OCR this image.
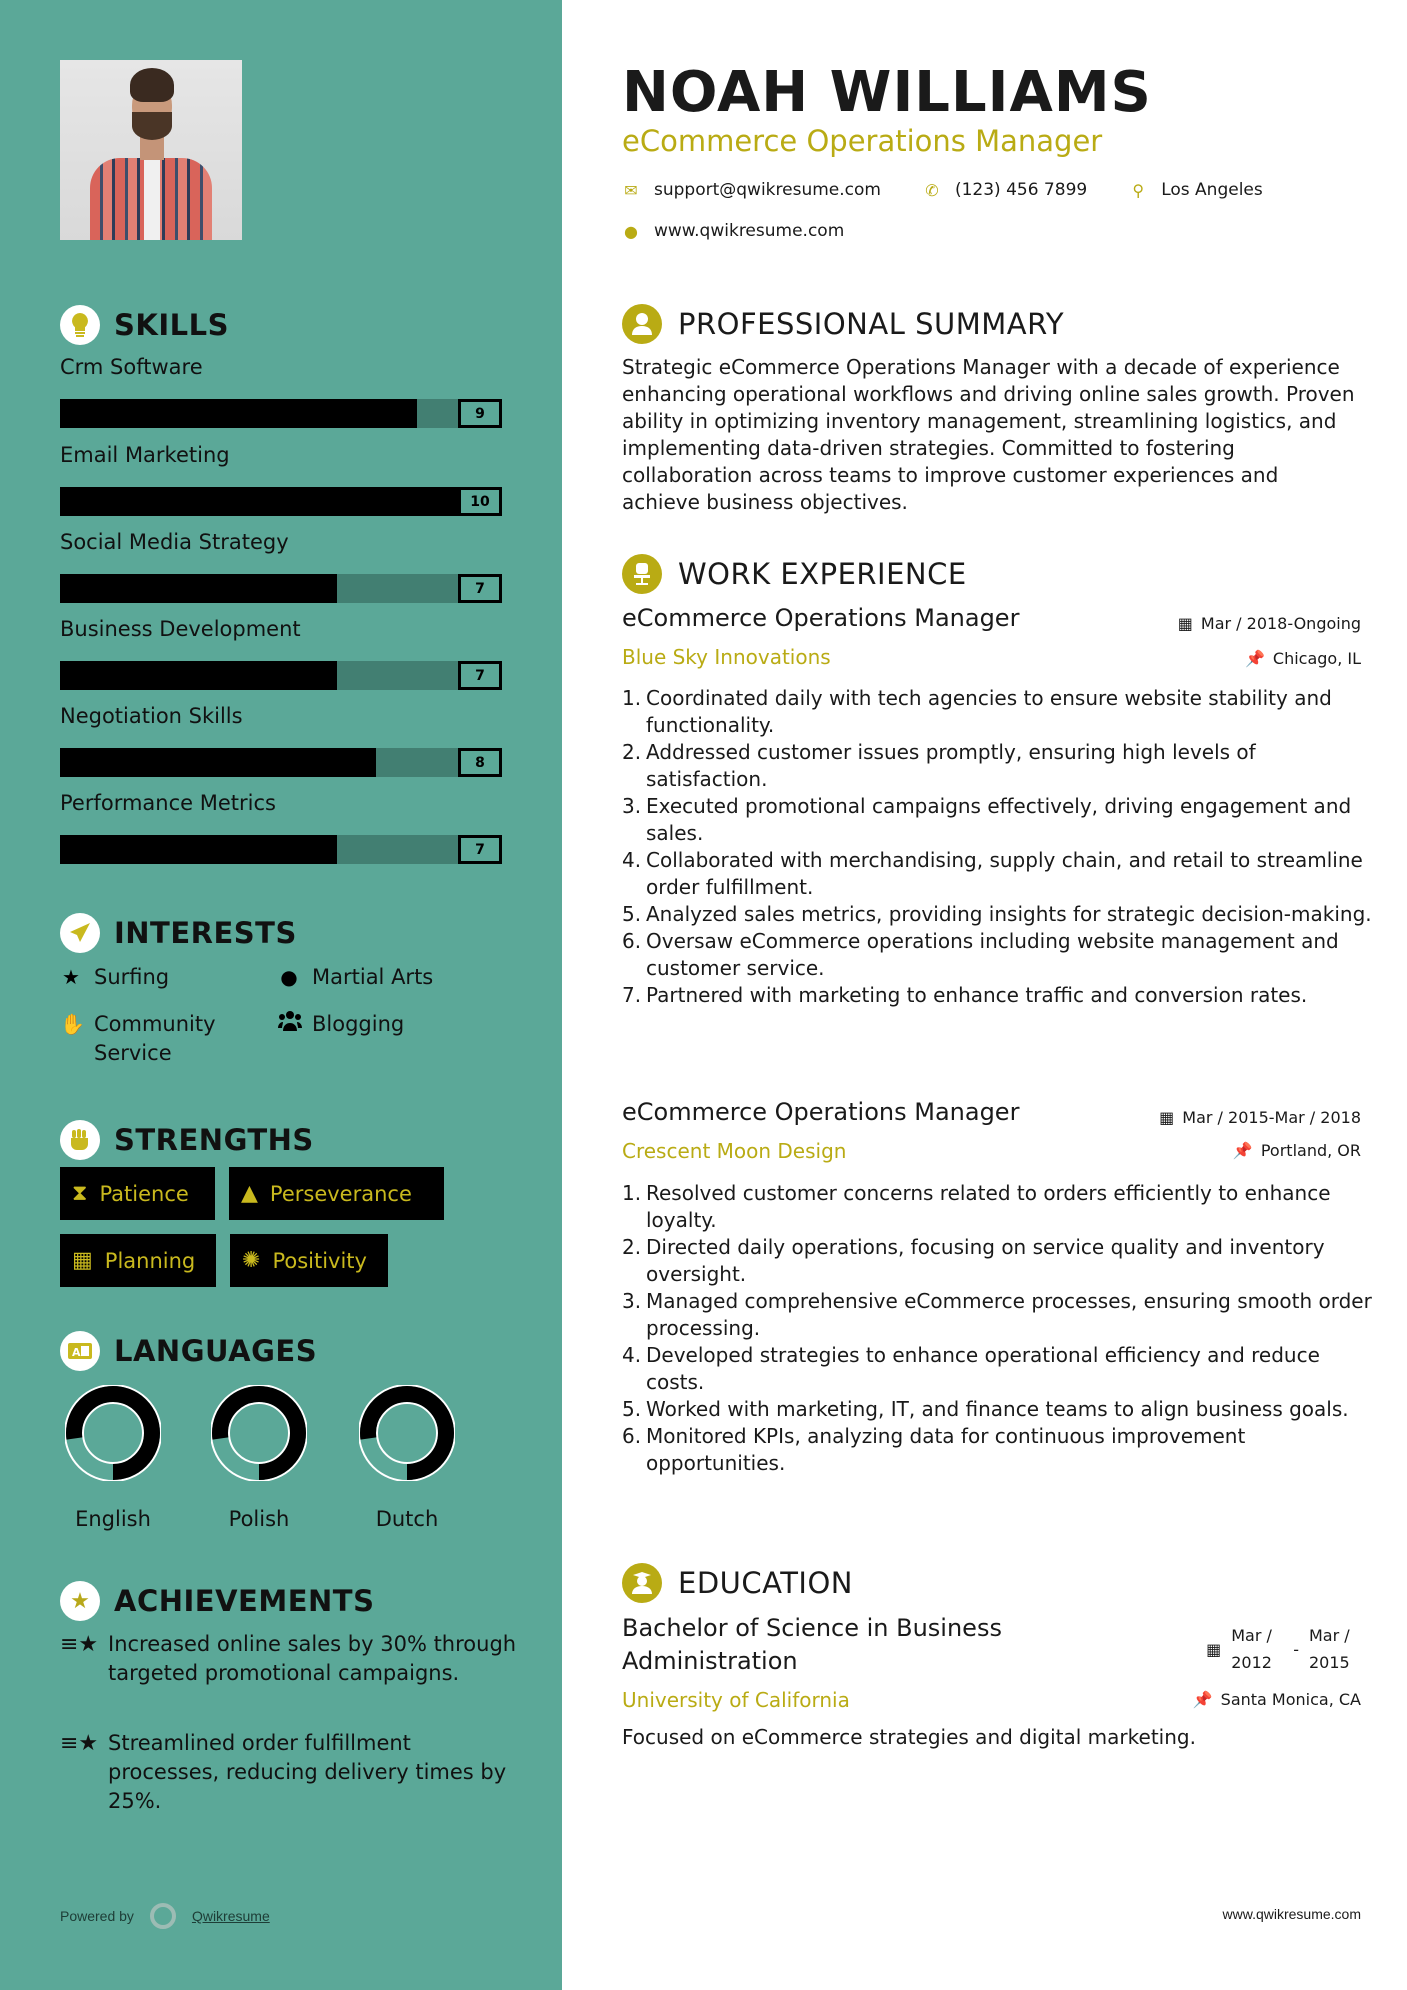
SKILLS
Crm Software
9
Email Marketing
10
Social Media Strategy
7
Business Development
7
Negotiation Skills
8
Performance Metrics
7
INTERESTS
★ Surfing	● Martial Arts
✋ Community Service
Blogging
STRENGTHS
⧗ Patience ▲ Perseverance
▦ Planning ✺ Positivity
A LANGUAGES
English	Polish	Dutch
★ ACHIEVEMENTS
≡★ Increased online sales by 30% through targeted promotional campaigns.
≡★ Streamlined order fulfillment processes, reducing delivery times by 25%.
Powered by	Qwikresume
NOAH WILLIAMS
eCommerce Operations Manager
✉ support@qwikresume.com	✆ (123) 456 7899	⚲ Los Angeles
● www.qwikresume.com
PROFESSIONAL SUMMARY
Strategic eCommerce Operations Manager with a decade of experience enhancing operational workflows and driving online sales growth. Proven ability in optimizing inventory management, streamlining logistics, and implementing data-driven strategies. Committed to fostering collaboration across teams to improve customer experiences and achieve business objectives.
WORK EXPERIENCE
eCommerce Operations Manager	▦ Mar / 2018-Ongoing
Blue Sky Innovations	📌 Chicago, IL
1. Coordinated daily with tech agencies to ensure website stability and functionality.
2. Addressed customer issues promptly, ensuring high levels of satisfaction.
3. Executed promotional campaigns effectively, driving engagement and sales.
4. Collaborated with merchandising, supply chain, and retail to streamline order fulfillment.
5. Analyzed sales metrics, providing insights for strategic decision-making.
6. Oversaw eCommerce operations including website management and customer service.
7. Partnered with marketing to enhance traffic and conversion rates.
eCommerce Operations Manager	▦ Mar / 2015-Mar / 2018
Crescent Moon Design	📌 Portland, OR
1. Resolved customer concerns related to orders efficiently to enhance loyalty.
2. Directed daily operations, focusing on service quality and inventory oversight.
3. Managed comprehensive eCommerce processes, ensuring smooth order processing.
4. Developed strategies to enhance operational efficiency and reduce costs.
5. Worked with marketing, IT, and finance teams to align business goals.
6. Monitored KPIs, analyzing data for continuous improvement opportunities.
EDUCATION
Bachelor of Science in Business Administration	▦
Mar /
2012
-
Mar /
2015
University of California	📌 Santa Monica, CA
Focused on eCommerce strategies and digital marketing.
www.qwikresume.com
